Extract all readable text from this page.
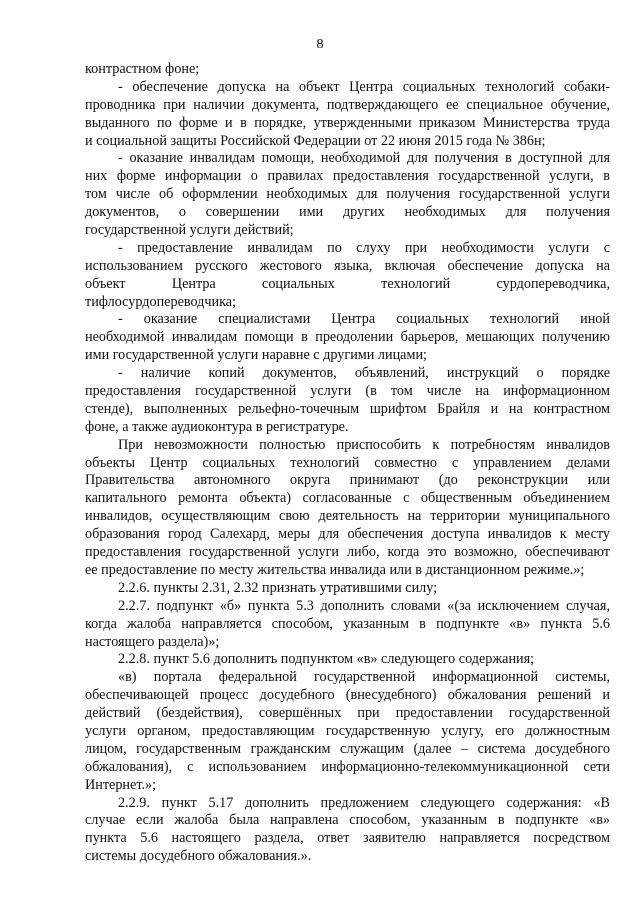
8
контрастном фоне;
- обеспечение допуска на объект Центра социальных технологий собаки-
проводника при наличии документа, подтверждающего ее специальное обучение,
выданного по форме и в порядке, утвержденными приказом Министерства труда
и социальной защиты Российской Федерации от 22 июня 2015 года № 386н;
- оказание инвалидам помощи, необходимой для получения в доступной для
них форме информации о правилах предоставления государственной услуги, в
том числе об оформлении необходимых для получения государственной услуги
документов, о совершении ими других необходимых для получения
государственной услуги действий;
- предоставление инвалидам по слуху при необходимости услуги с
использованием русского жестового языка, включая обеспечение допуска на
объект Центра социальных технологий сурдопереводчика,
тифлосурдопереводчика;
- оказание специалистами Центра социальных технологий иной
необходимой инвалидам помощи в преодолении барьеров, мешающих получению
ими государственной услуги наравне с другими лицами;
- наличие копий документов, объявлений, инструкций о порядке
предоставления государственной услуги (в том числе на информационном
стенде), выполненных рельефно-точечным шрифтом Брайля и на контрастном
фоне, а также аудиоконтура в регистратуре.
При невозможности полностью приспособить к потребностям инвалидов
объекты Центр социальных технологий совместно с управлением делами
Правительства автономного округа принимают (до реконструкции или
капитального ремонта объекта) согласованные с общественным объединением
инвалидов, осуществляющим свою деятельность на территории муниципального
образования город Салехард, меры для обеспечения доступа инвалидов к месту
предоставления государственной услуги либо, когда это возможно, обеспечивают
ее предоставление по месту жительства инвалида или в дистанционном режиме.»;
2.2.6. пункты 2.31, 2.32 признать утратившими силу;
2.2.7. подпункт «б» пункта 5.3 дополнить словами «(за исключением случая,
когда жалоба направляется способом, указанным в подпункте «в» пункта 5.6
настоящего раздела)»;
2.2.8. пункт 5.6 дополнить подпунктом «в» следующего содержания;
«в) портала федеральной государственной информационной системы,
обеспечивающей процесс досудебного (внесудебного) обжалования решений и
действий (бездействия), совершённых при предоставлении государственной
услуги органом, предоставляющим государственную услугу, его должностным
лицом, государственным гражданским служащим (далее – система досудебного
обжалования), с использованием информационно-телекоммуникационной сети
Интернет.»;
2.2.9. пункт 5.17 дополнить предложением следующего содержания: «В
случае если жалоба была направлена способом, указанным в подпункте «в»
пункта 5.6 настоящего раздела, ответ заявителю направляется посредством
системы досудебного обжалования.».
